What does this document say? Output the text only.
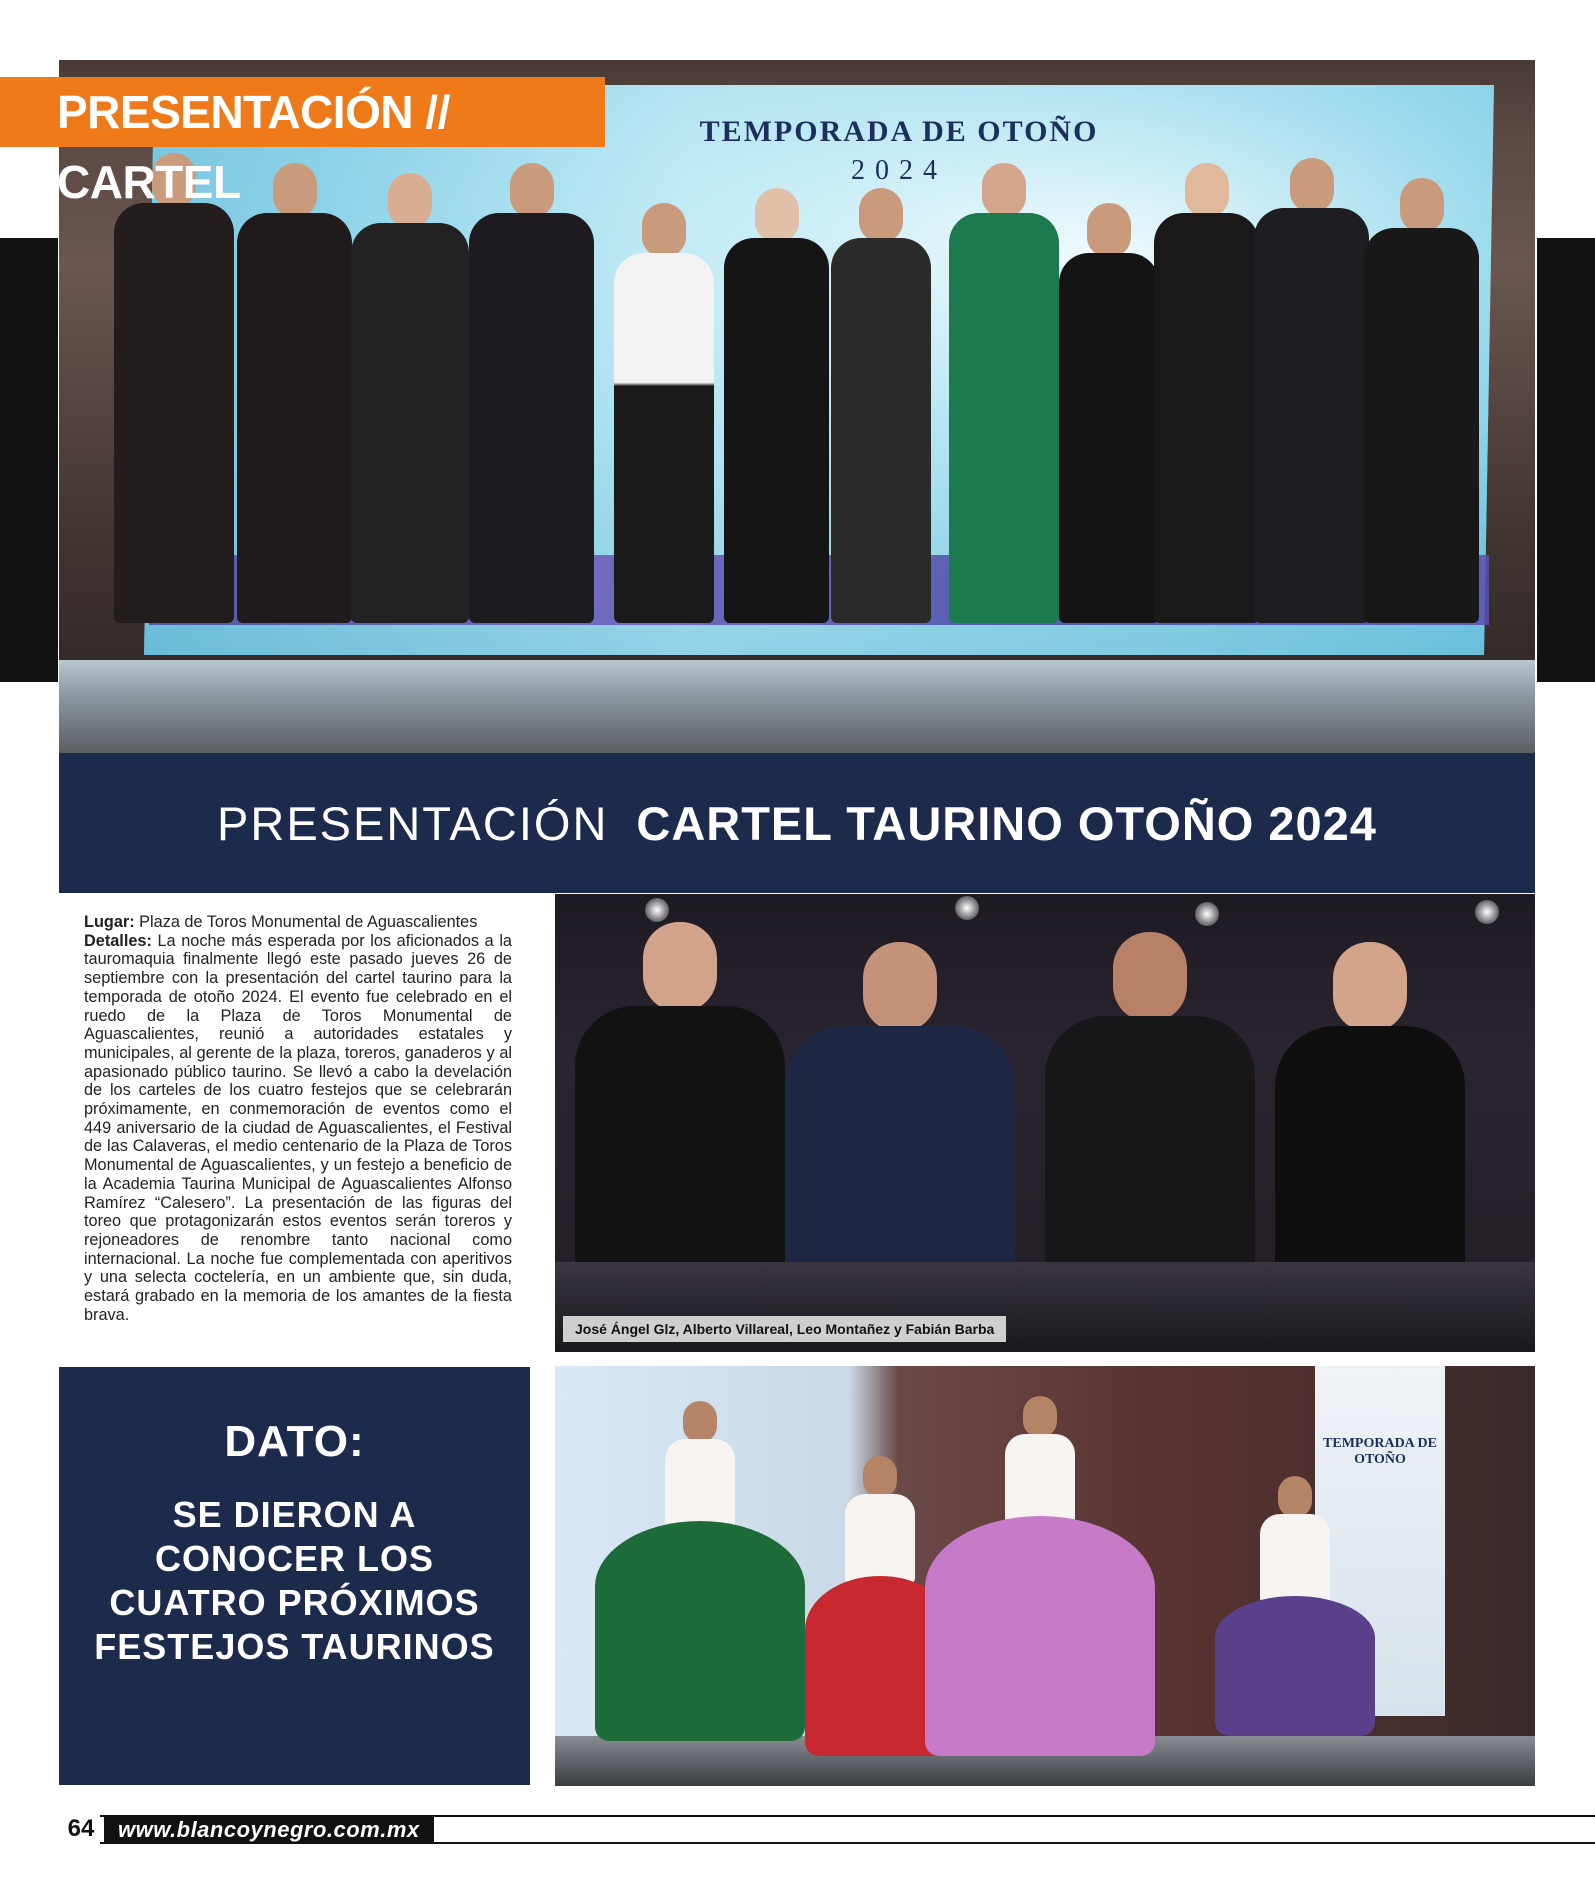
TEMPORADA DE OTOÑO
2024
PRESENTACIÓN // CARTEL
PRESENTACIÓN CARTEL TAURINO OTOÑO 2024
Lugar: Plaza de Toros Monumental de Aguascalientes
Detalles: La noche más esperada por los aficionados a la tauromaquia finalmente llegó este pasado jueves 26 de septiembre con la presentación del cartel taurino para la temporada de otoño 2024. El evento fue celebrado en el ruedo de la Plaza de Toros Monumental de Aguascalientes, reunió a autoridades estatales y municipales, al gerente de la plaza, toreros, ganaderos y al apasionado público taurino. Se llevó a cabo la develación de los carteles de los cuatro festejos que se celebrarán próximamente, en conmemoración de eventos como el 449 aniversario de la ciudad de Aguascalientes, el Festival de las Calaveras, el medio centenario de la Plaza de Toros Monumental de Aguascalientes, y un festejo a beneficio de la Academia Taurina Municipal de Aguascalientes Alfonso Ramírez “Calesero”. La presentación de las figuras del toreo que protagonizarán estos eventos serán toreros y rejoneadores de renombre tanto nacional como internacional. La noche fue complementada con aperitivos y una selecta coctelería, en un ambiente que, sin duda, estará grabado en la memoria de los amantes de la fiesta brava.
José Ángel Glz, Alberto Villareal, Leo Montañez y Fabián Barba
DATO:
SE DIERON A CONOCER LOS CUATRO PRÓXIMOS FESTEJOS TAURINOS
TEMPORADA DE OTOÑO
64	www.blancoynegro.com.mx
